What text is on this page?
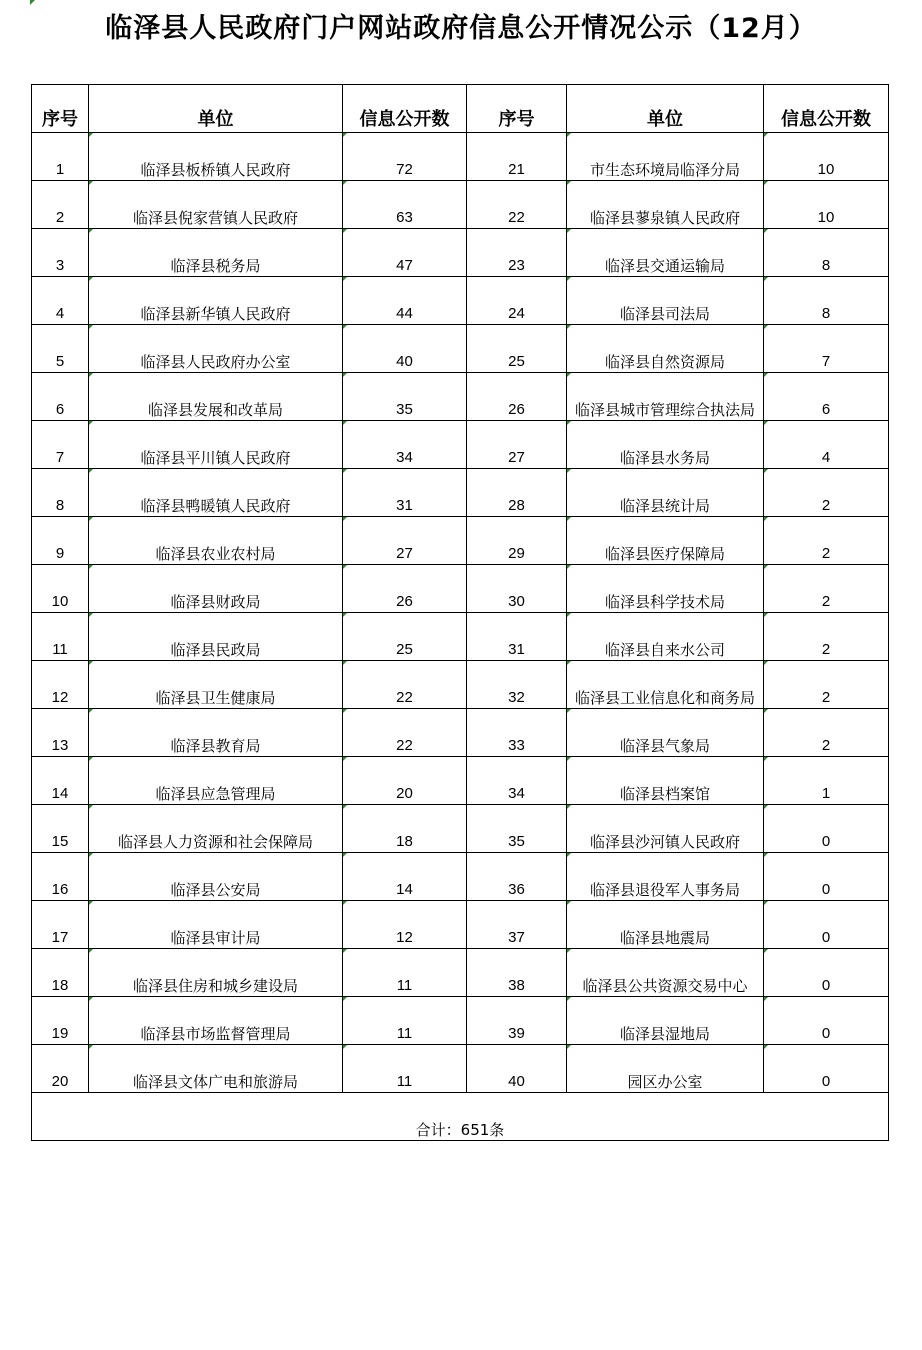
临泽县人民政府门户网站政府信息公开情况公示（12月）
序号	单位	信息公开数	序号	单位	信息公开数
1	临泽县板桥镇人民政府	72	21	市生态环境局临泽分局	10
2	临泽县倪家营镇人民政府	63	22	临泽县蓼泉镇人民政府	10
3	临泽县税务局	47	23	临泽县交通运输局	8
4	临泽县新华镇人民政府	44	24	临泽县司法局	8
5	临泽县人民政府办公室	40	25	临泽县自然资源局	7
6	临泽县发展和改革局	35	26	临泽县城市管理综合执法局	6
7	临泽县平川镇人民政府	34	27	临泽县水务局	4
8	临泽县鸭暖镇人民政府	31	28	临泽县统计局	2
9	临泽县农业农村局	27	29	临泽县医疗保障局	2
10	临泽县财政局	26	30	临泽县科学技术局	2
11	临泽县民政局	25	31	临泽县自来水公司	2
12	临泽县卫生健康局	22	32	临泽县工业信息化和商务局	2
13	临泽县教育局	22	33	临泽县气象局	2
14	临泽县应急管理局	20	34	临泽县档案馆	1
15	临泽县人力资源和社会保障局	18	35	临泽县沙河镇人民政府	0
16	临泽县公安局	14	36	临泽县退役军人事务局	0
17	临泽县审计局	12	37	临泽县地震局	0
18	临泽县住房和城乡建设局	11	38	临泽县公共资源交易中心	0
19	临泽县市场监督管理局	11	39	临泽县湿地局	0
20	临泽县文体广电和旅游局	11	40	园区办公室	0
合计：651条					
